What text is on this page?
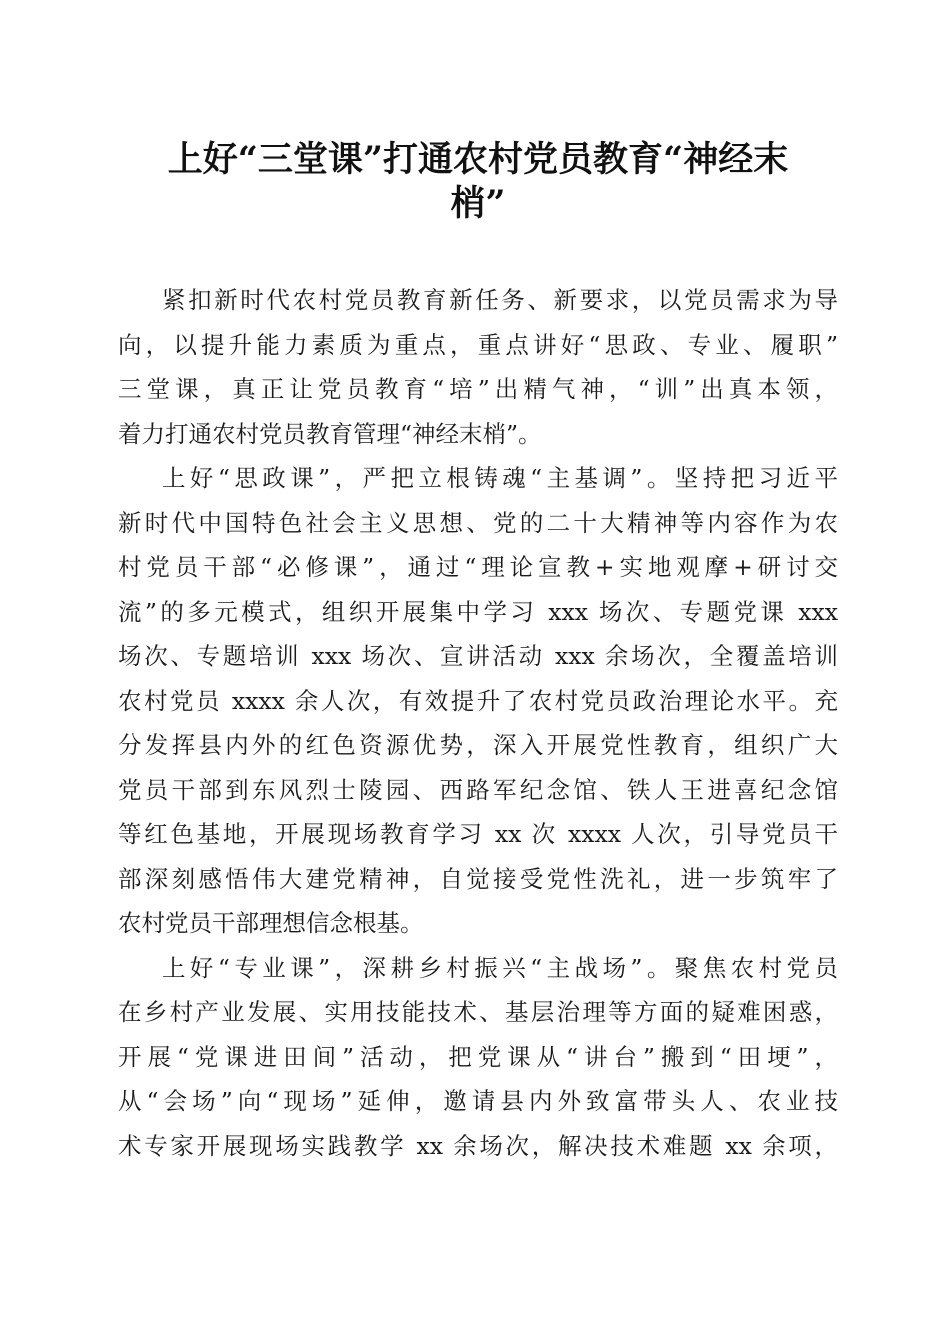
上好“三堂课”打通农村党员教育“神经末
梢”
紧扣新时代农村党员教育新任务、新要求，以党员需求为导
向，以提升能力素质为重点，重点讲好“思政、专业、履职”
三堂课，真正让党员教育“培”出精气神，“训”出真本领，
着力打通农村党员教育管理“神经末梢”。
上好“思政课”，严把立根铸魂“主基调”。坚持把习近平
新时代中国特色社会主义思想、党的二十大精神等内容作为农
村党员干部“必修课”，通过“理论宣教+实地观摩+研讨交
流”的多元模式，组织开展集中学习 xxx 场次、专题党课 xxx
场次、专题培训 xxx 场次、宣讲活动 xxx 余场次，全覆盖培训
农村党员 xxxx 余人次，有效提升了农村党员政治理论水平。充
分发挥县内外的红色资源优势，深入开展党性教育，组织广大
党员干部到东风烈士陵园、西路军纪念馆、铁人王进喜纪念馆
等红色基地，开展现场教育学习 xx 次 xxxx 人次，引导党员干
部深刻感悟伟大建党精神，自觉接受党性洗礼，进一步筑牢了
农村党员干部理想信念根基。
上好“专业课”，深耕乡村振兴“主战场”。聚焦农村党员
在乡村产业发展、实用技能技术、基层治理等方面的疑难困惑，
开展“党课进田间”活动，把党课从“讲台”搬到“田埂”，
从“会场”向“现场”延伸，邀请县内外致富带头人、农业技
术专家开展现场实践教学 xx 余场次，解决技术难题 xx 余项，
